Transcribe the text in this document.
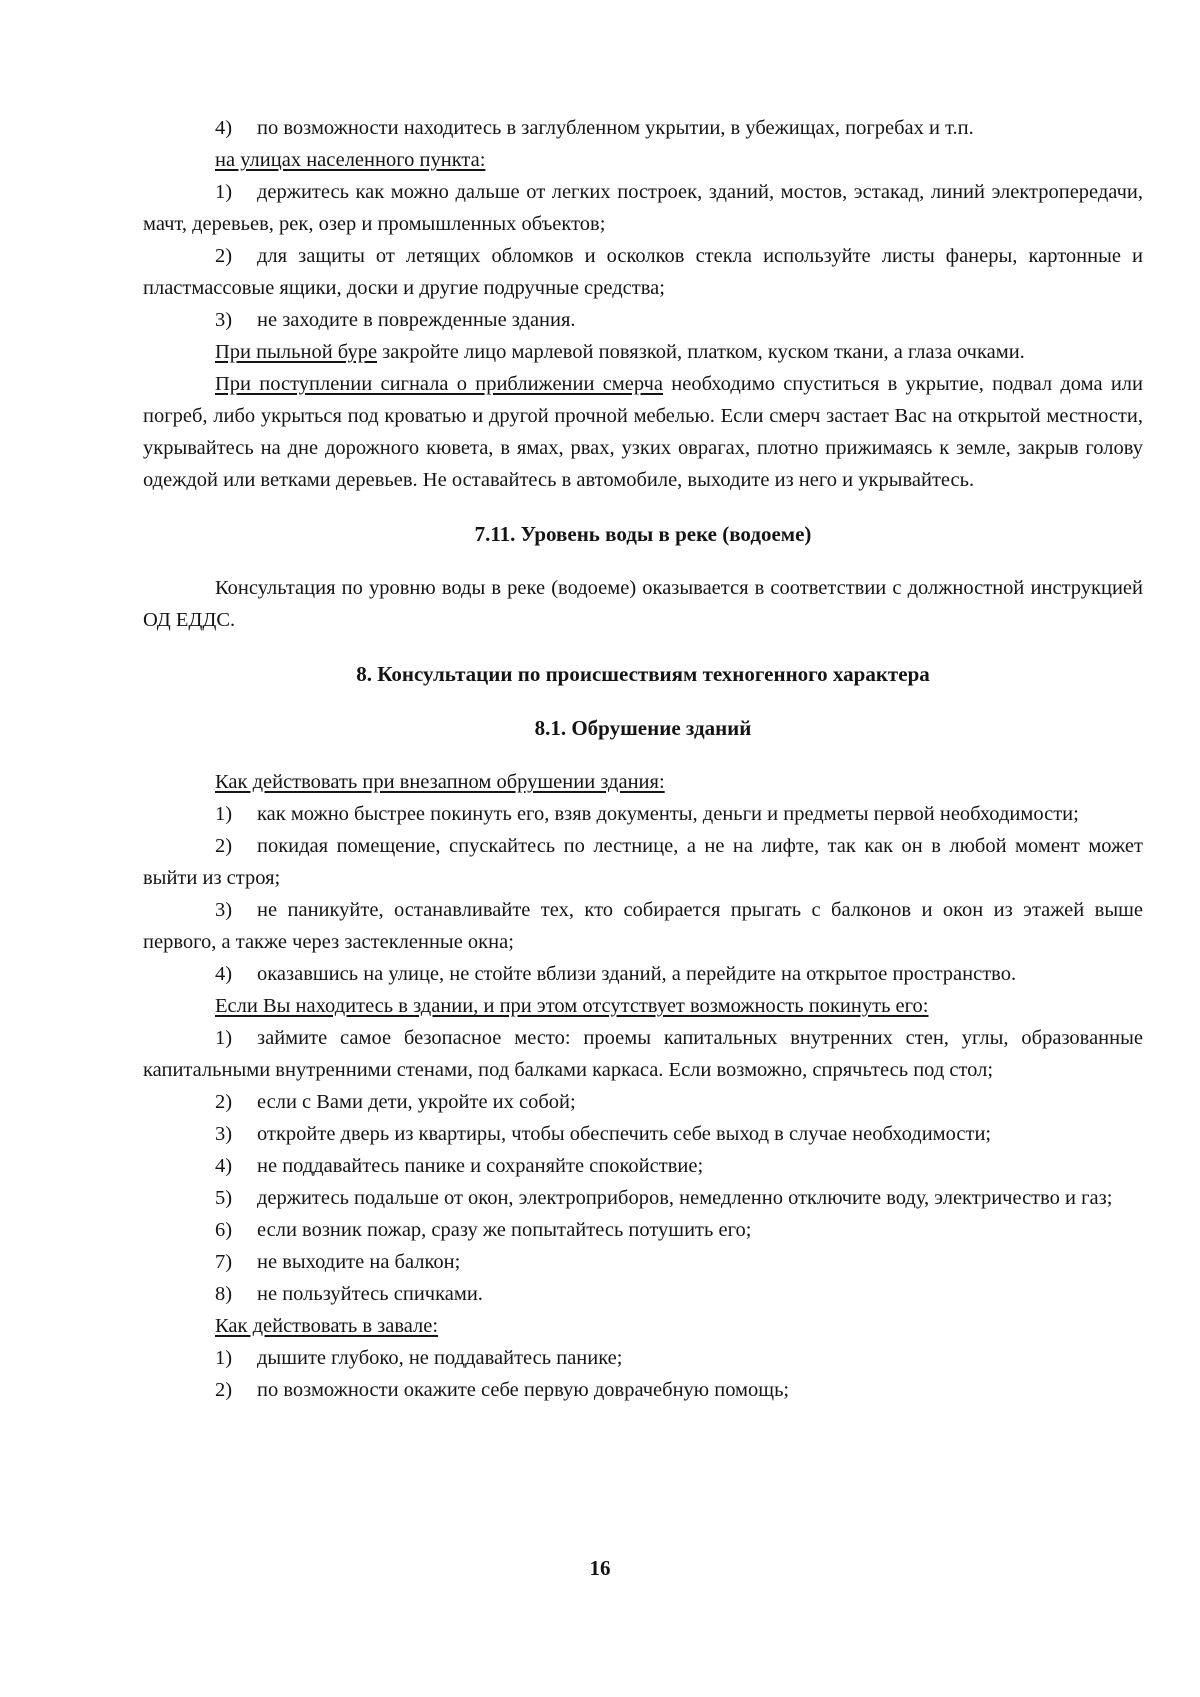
4) по возможности находитесь в заглубленном укрытии, в убежищах, погребах и т.п.

на улицах населенного пункта:

1) держитесь как можно дальше от легких построек, зданий, мостов, эстакад, линий электропередачи, мачт, деревьев, рек, озер и промышленных объектов;

2) для защиты от летящих обломков и осколков стекла используйте листы фанеры, картонные и пластмассовые ящики, доски и другие подручные средства;

3) не заходите в поврежденные здания.

При пыльной буре закройте лицо марлевой повязкой, платком, куском ткани, а глаза очками.

При поступлении сигнала о приближении смерча необходимо спуститься в укрытие, подвал дома или погреб, либо укрыться под кроватью и другой прочной мебелью. Если смерч застает Вас на открытой местности, укрывайтесь на дне дорожного кювета, в ямах, рвах, узких оврагах, плотно прижимаясь к земле, закрыв голову одеждой или ветками деревьев. Не оставайтесь в автомобиле, выходите из него и укрывайтесь.

7.11. Уровень воды в реке (водоеме)

Консультация по уровню воды в реке (водоеме) оказывается в соответствии с должностной инструкцией ОД ЕДДС.

8. Консультации по происшествиям техногенного характера
8.1. Обрушение зданий

Как действовать при внезапном обрушении здания:

1) как можно быстрее покинуть его, взяв документы, деньги и предметы первой необходимости;

2) покидая помещение, спускайтесь по лестнице, а не на лифте, так как он в любой момент может выйти из строя;

3) не паникуйте, останавливайте тех, кто собирается прыгать с балконов и окон из этажей выше первого, а также через застекленные окна;

4) оказавшись на улице, не стойте вблизи зданий, а перейдите на открытое пространство.

Если Вы находитесь в здании, и при этом отсутствует возможность покинуть его:

1) займите самое безопасное место: проемы капитальных внутренних стен, углы, образованные капитальными внутренними стенами, под балками каркаса. Если возможно, спрячьтесь под стол;

2) если с Вами дети, укройте их собой;

3) откройте дверь из квартиры, чтобы обеспечить себе выход в случае необходимости;

4) не поддавайтесь панике и сохраняйте спокойствие;

5) держитесь подальше от окон, электроприборов, немедленно отключите воду, электричество и газ;

6) если возник пожар, сразу же попытайтесь потушить его;

7) не выходите на балкон;

8) не пользуйтесь спичками.

Как действовать в завале:

1) дышите глубоко, не поддавайтесь панике;

2) по возможности окажите себе первую доврачебную помощь;

16
